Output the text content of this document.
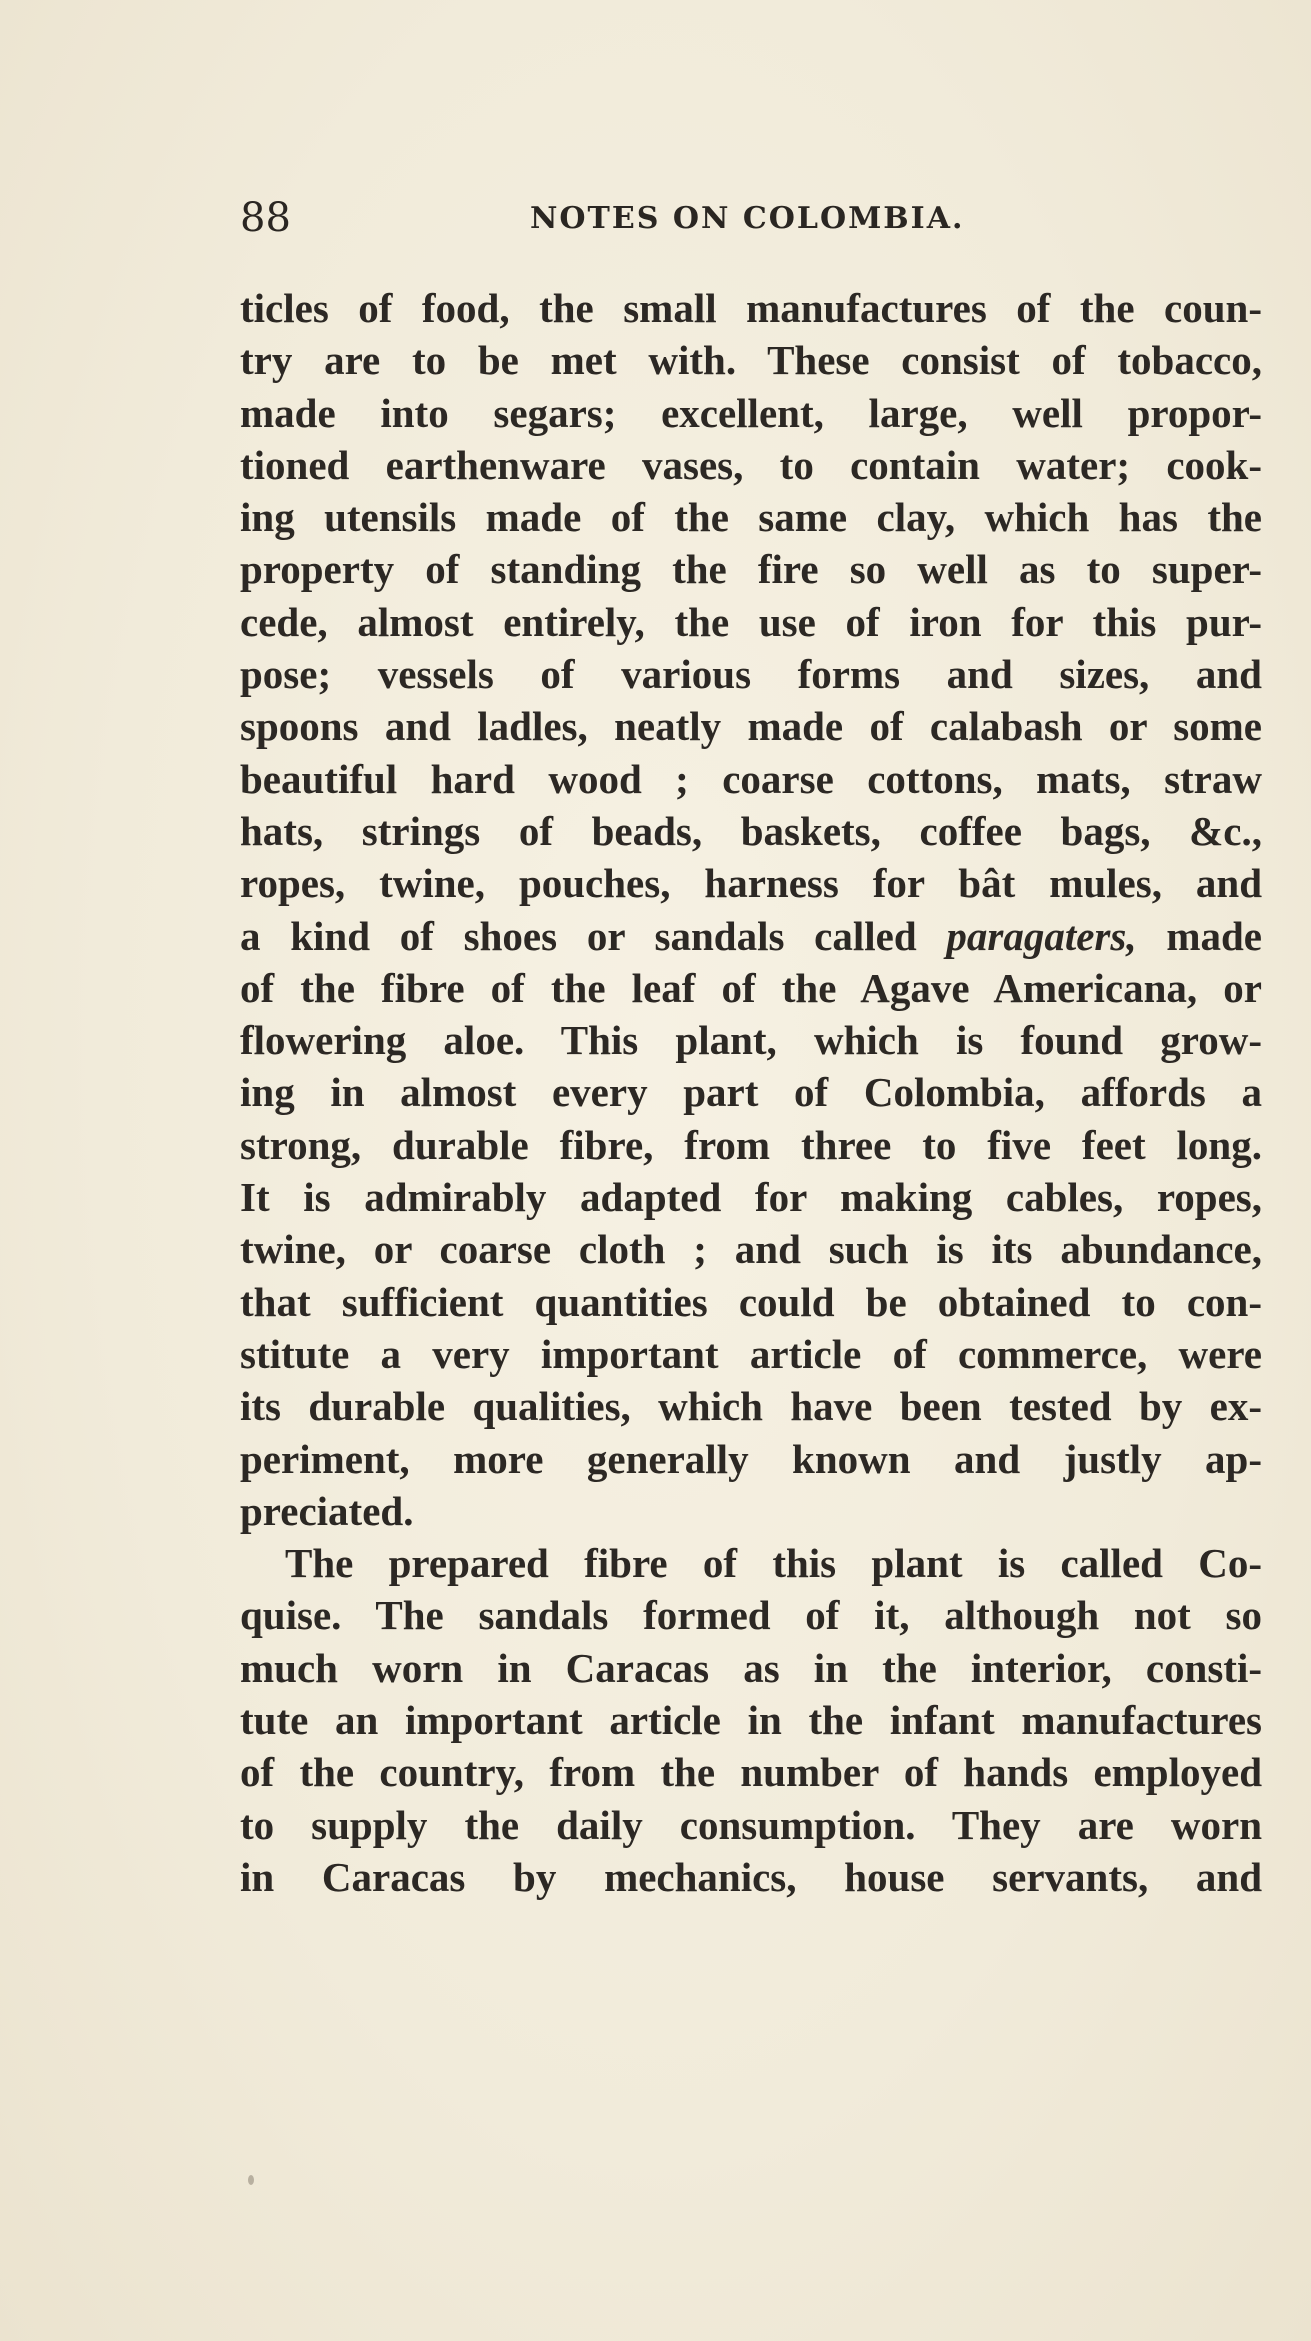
88	NOTES ON COLOMBIA.
ticles of food, the small manufactures of the coun-
try are to be met with. These consist of tobacco,
made into segars; excellent, large, well propor-
tioned earthenware vases, to contain water; cook-
ing utensils made of the same clay, which has the
property of standing the fire so well as to super-
cede, almost entirely, the use of iron for this pur-
pose; vessels of various forms and sizes, and
spoons and ladles, neatly made of calabash or some
beautiful hard wood ; coarse cottons, mats, straw
hats, strings of beads, baskets, coffee bags, &c.,
ropes, twine, pouches, harness for bât mules, and
a kind of shoes or sandals called paragaters, made
of the fibre of the leaf of the Agave Americana, or
flowering aloe. This plant, which is found grow-
ing in almost every part of Colombia, affords a
strong, durable fibre, from three to five feet long.
It is admirably adapted for making cables, ropes,
twine, or coarse cloth ; and such is its abundance,
that sufficient quantities could be obtained to con-
stitute a very important article of commerce, were
its durable qualities, which have been tested by ex-
periment, more generally known and justly ap-
preciated.
The prepared fibre of this plant is called Co-
quise. The sandals formed of it, although not so
much worn in Caracas as in the interior, consti-
tute an important article in the infant manufactures
of the country, from the number of hands employed
to supply the daily consumption. They are worn
in Caracas by mechanics, house servants, and
